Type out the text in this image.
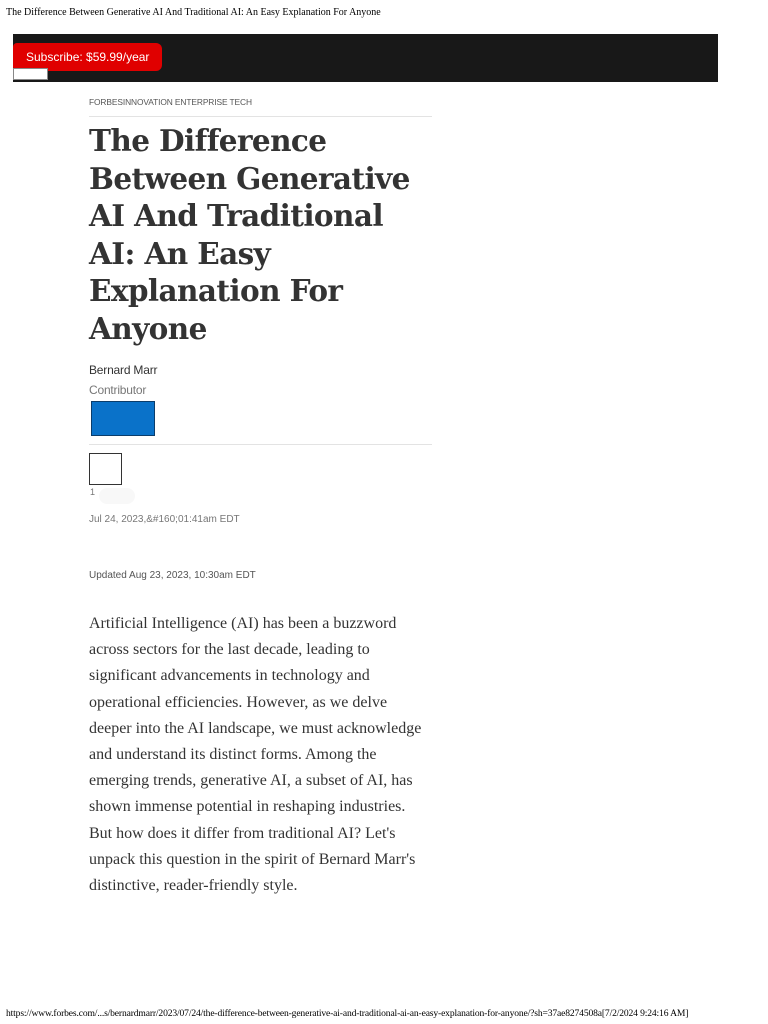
The Difference Between Generative AI And Traditional AI: An Easy Explanation For Anyone
Subscribe: $59.99/year
FORBESINNOVATION ENTERPRISE TECH
The Difference Between Generative AI And Traditional AI: An Easy Explanation For Anyone
Bernard Marr
Contributor
1
Jul 24, 2023,&#160;01:41am EDT
Updated Aug 23, 2023, 10:30am EDT

Artificial Intelligence (AI) has been a buzzword across sectors for the last decade, leading to significant advancements in technology and operational efficiencies. However, as we delve deeper into the AI landscape, we must acknowledge and understand its distinct forms. Among the emerging trends, generative AI, a subset of AI, has shown immense potential in reshaping industries. But how does it differ from traditional AI? Let's unpack this question in the spirit of Bernard Marr's distinctive, reader-friendly style.

https://www.forbes.com/...s/bernardmarr/2023/07/24/the-difference-between-generative-ai-and-traditional-ai-an-easy-explanation-for-anyone/?sh=37ae8274508a[7/2/2024 9:24:16 AM]
